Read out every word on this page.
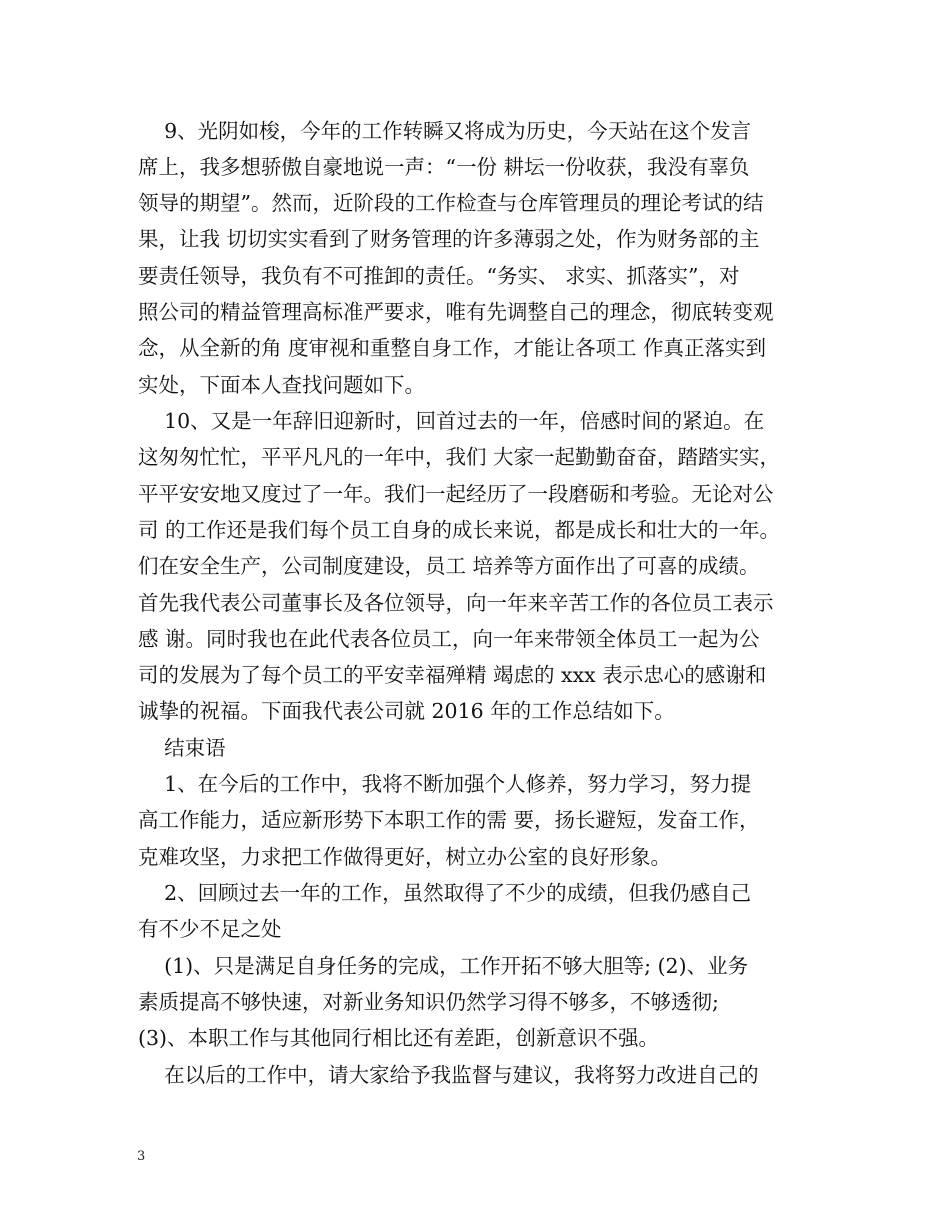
9、光阴如梭，今年的工作转瞬又将成为历史，今天站在这个发言
席上，我多想骄傲自豪地说一声：“一份 耕坛一份收获，我没有辜负
领导的期望”。然而，近阶段的工作检查与仓库管理员的理论考试的结
果，让我 切切实实看到了财务管理的许多薄弱之处，作为财务部的主
要责任领导，我负有不可推卸的责任。“务实、 求实、抓落实”，对
照公司的精益管理高标准严要求，唯有先调整自己的理念，彻底转变观
念，从全新的角 度审视和重整自身工作，才能让各项工 作真正落实到
实处，下面本人查找问题如下。
10、又是一年辞旧迎新时，回首过去的一年，倍感时间的紧迫。在
这匆匆忙忙，平平凡凡的一年中，我们 大家一起勤勤奋奋，踏踏实实，
平平安安地又度过了一年。我们一起经历了一段磨砺和考验。无论对公
司 的工作还是我们每个员工自身的成长来说，都是成长和壮大的一年。
们在安全生产，公司制度建设，员工 培养等方面作出了可喜的成绩。
首先我代表公司董事长及各位领导，向一年来辛苦工作的各位员工表示
感 谢。同时我也在此代表各位员工，向一年来带领全体员工一起为公
司的发展为了每个员工的平安幸福殚精 竭虑的 xxx 表示忠心的感谢和
诚挚的祝福。下面我代表公司就 2016 年的工作总结如下。
结束语
1、在今后的工作中，我将不断加强个人修养，努力学习，努力提
高工作能力，适应新形势下本职工作的需 要，扬长避短，发奋工作，
克难攻坚，力求把工作做得更好，树立办公室的良好形象。
2、回顾过去一年的工作，虽然取得了不少的成绩，但我仍感自己
有不少不足之处
(1)、只是满足自身任务的完成，工作开拓不够大胆等; (2)、业务
素质提高不够快速，对新业务知识仍然学习得不够多，不够透彻;
(3)、本职工作与其他同行相比还有差距，创新意识不强。
在以后的工作中，请大家给予我监督与建议，我将努力改进自己的
3
